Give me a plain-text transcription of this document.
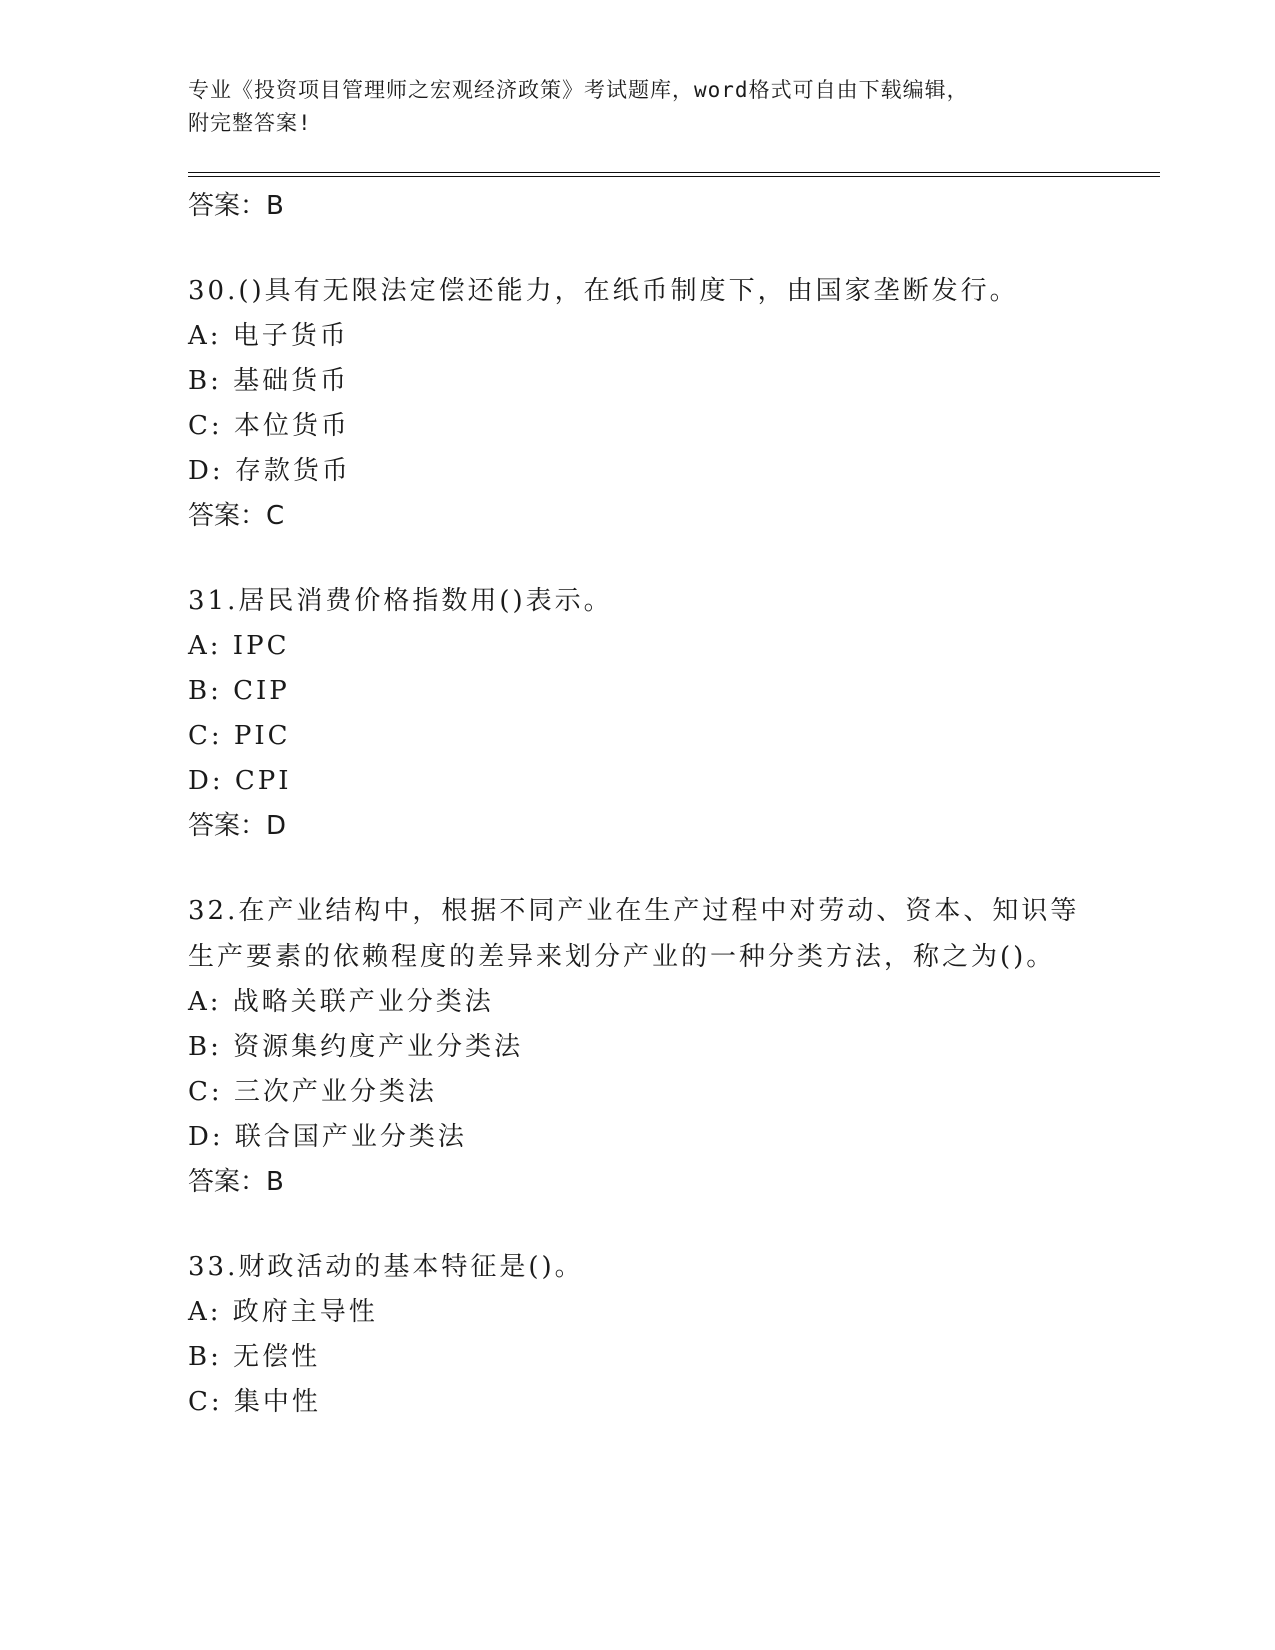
专业《投资项目管理师之宏观经济政策》考试题库，word格式可自由下载编辑，
附完整答案!
答案：B
30.()具有无限法定偿还能力，在纸币制度下，由国家垄断发行。
A: 电子货币
B: 基础货币
C: 本位货币
D: 存款货币
答案：C
31.居民消费价格指数用()表示。
A: IPC
B: CIP
C: PIC
D: CPI
答案：D
32.在产业结构中，根据不同产业在生产过程中对劳动、资本、知识等生产要素的依赖程度的差异来划分产业的一种分类方法，称之为()。
A: 战略关联产业分类法
B: 资源集约度产业分类法
C: 三次产业分类法
D: 联合国产业分类法
答案：B
33.财政活动的基本特征是()。
A: 政府主导性
B: 无偿性
C: 集中性
